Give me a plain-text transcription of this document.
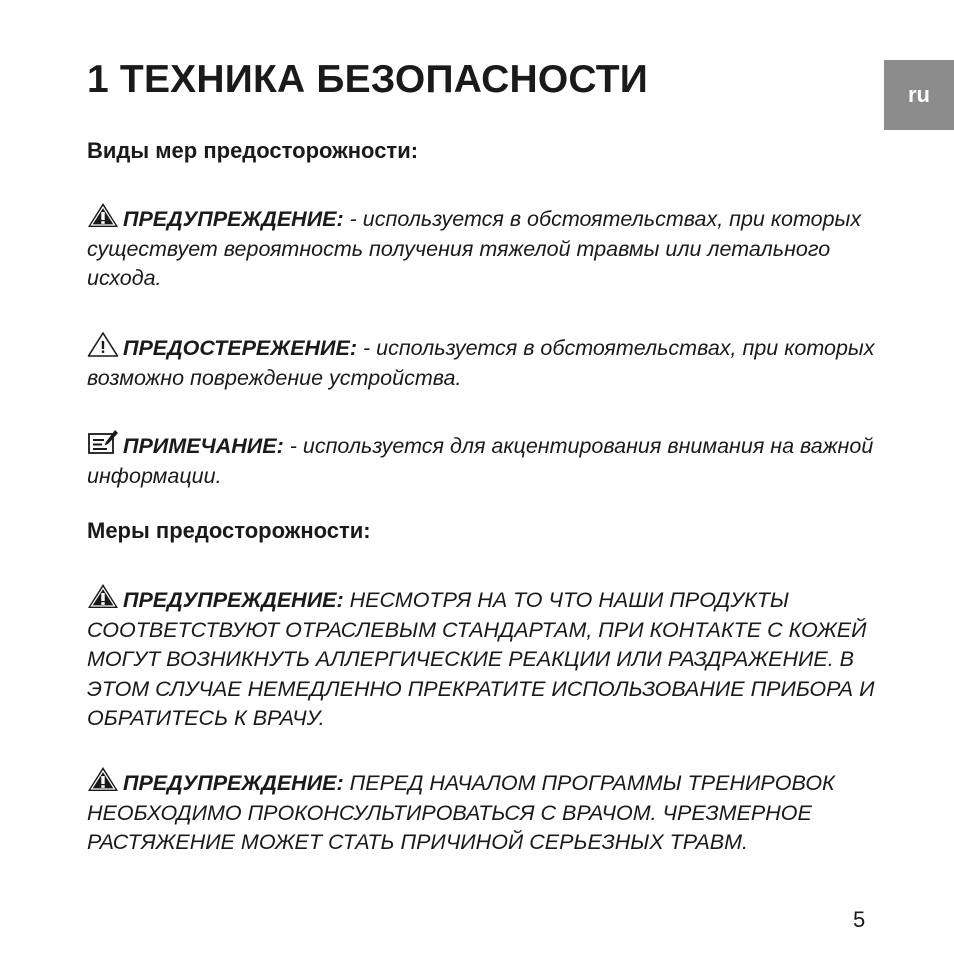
ru
1 ТЕХНИКА БЕЗОПАСНОСТИ
Виды мер предосторожности:

ПРЕДУПРЕЖДЕНИЕ: - используется в обстоятельствах, при которых существует вероятность получения тяжелой травмы или летального исхода.

ПРЕДОСТЕРЕЖЕНИЕ: - используется в обстоятельствах, при которых возможно повреждение устройства.

ПРИМЕЧАНИЕ: - используется для акцентирования внимания на важной информации.

Меры предосторожности:

ПРЕДУПРЕЖДЕНИЕ: НЕСМОТРЯ НА ТО ЧТО НАШИ ПРОДУКТЫ СООТВЕТСТВУЮТ ОТРАСЛЕВЫМ СТАНДАРТАМ, ПРИ КОНТАКТЕ С КОЖЕЙ МОГУТ ВОЗНИКНУТЬ АЛЛЕРГИЧЕСКИЕ РЕАКЦИИ ИЛИ РАЗДРАЖЕНИЕ. В ЭТОМ СЛУЧАЕ НЕМЕДЛЕННО ПРЕКРАТИТЕ ИСПОЛЬЗОВАНИЕ ПРИБОРА И ОБРАТИТЕСЬ К ВРАЧУ.

ПРЕДУПРЕЖДЕНИЕ: ПЕРЕД НАЧАЛОМ ПРОГРАММЫ ТРЕНИРОВОК НЕОБХОДИМО ПРОКОНСУЛЬТИРОВАТЬСЯ С ВРАЧОМ. ЧРЕЗМЕРНОЕ РАСТЯЖЕНИЕ МОЖЕТ СТАТЬ ПРИЧИНОЙ СЕРЬЕЗНЫХ ТРАВМ.

5
